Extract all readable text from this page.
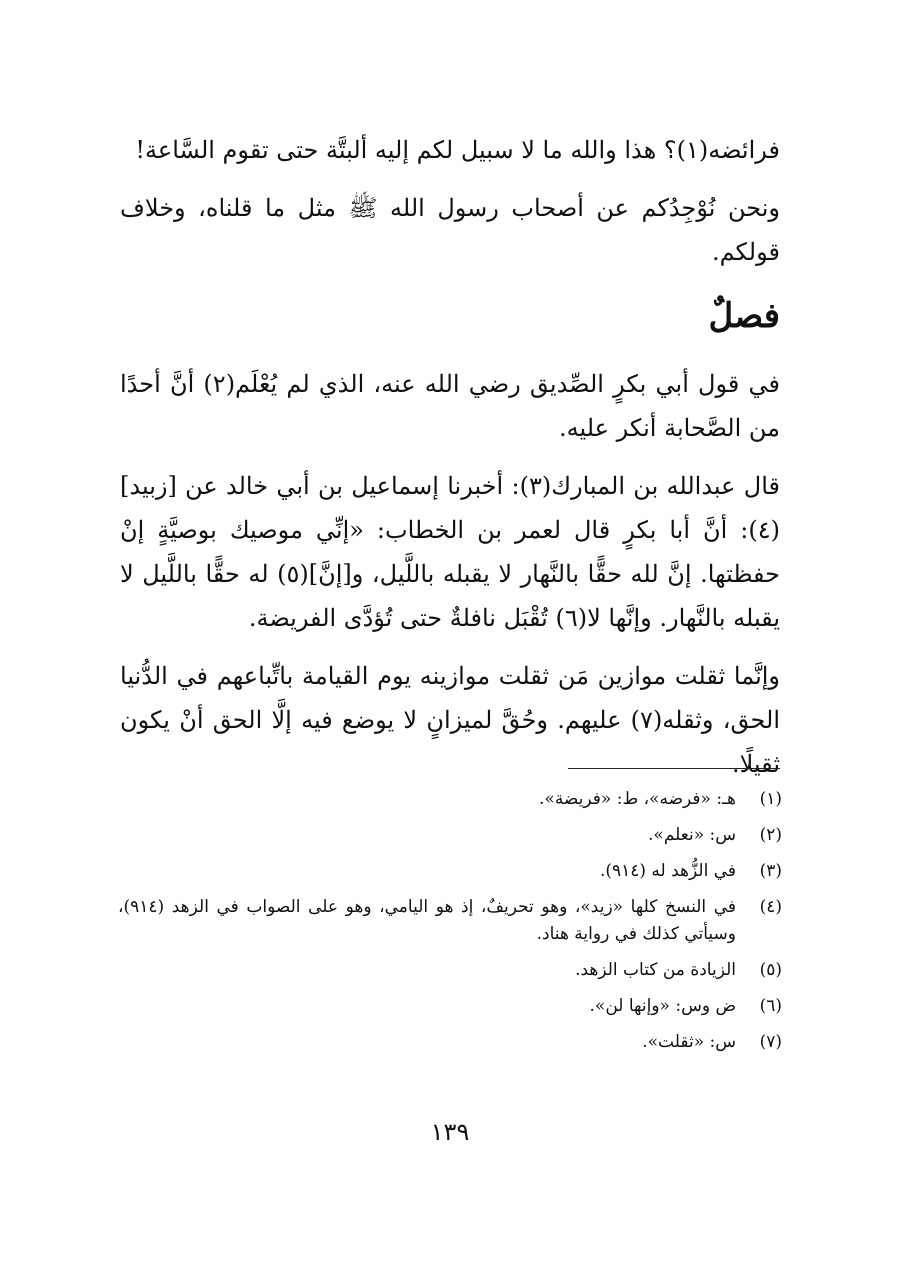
فرائضه(١)؟ هذا والله ما لا سبيل لكم إليه ألبتَّة حتى تقوم السَّاعة!

ونحن نُوْجِدُكم عن أصحاب رسول الله ﷺ مثل ما قلناه، وخلاف قولكم.

فصلٌ

في قول أبي بكرٍ الصِّديق رضي الله عنه، الذي لم يُعْلَم(٢) أنَّ أحدًا من الصَّحابة أنكر عليه.

قال عبدالله بن المبارك(٣): أخبرنا إسماعيل بن أبي خالد عن [زبيد](٤): أنَّ أبا بكرٍ قال لعمر بن الخطاب: «إنِّي موصيك بوصيَّةٍ إنْ حفظتها. إنَّ لله حقًّا بالنَّهار لا يقبله باللَّيل، و[إنَّ](٥) له حقًّا باللَّيل لا يقبله بالنَّهار. وإنَّها لا(٦) تُقْبَل نافلةٌ حتى تُؤدَّى الفريضة.

وإنَّما ثقلت موازين مَن ثقلت موازينه يوم القيامة باتِّباعهم في الدُّنيا الحق، وثقله(٧) عليهم. وحُقَّ لميزانٍ لا يوضع فيه إلَّا الحق أنْ يكون ثقيلًا.

(١)
هـ: «فرضه»، ط: «فريضة».
(٢)
س: «نعلم».
(٣)
في الزُّهد له (٩١٤).
(٤)
في النسخ كلها «زيد»، وهو تحريفٌ، إذ هو اليامي، وهو على الصواب في الزهد (٩١٤)، وسيأتي كذلك في رواية هناد.
(٥)
الزيادة من كتاب الزهد.
(٦)
ض وس: «وإنها لن».
(٧)
س: «ثقلت».
١٣٩
